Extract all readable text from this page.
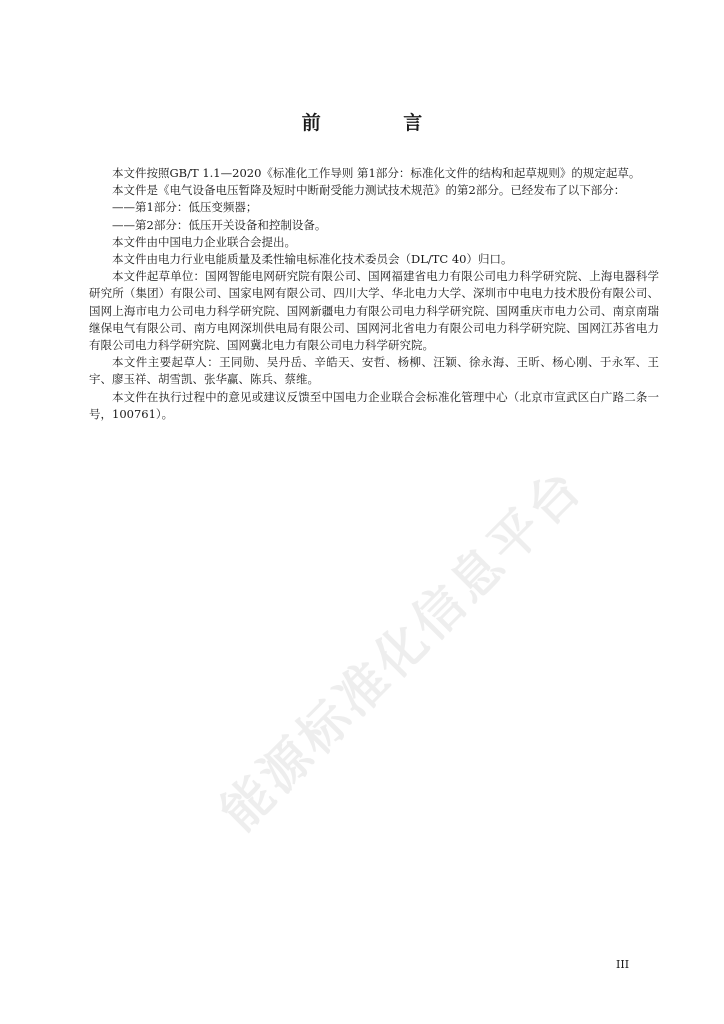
前 言

本文件按照GB/T 1.1—2020《标准化工作导则 第1部分：标准化文件的结构和起草规则》的规定起草。

本文件是《电气设备电压暂降及短时中断耐受能力测试技术规范》的第2部分。已经发布了以下部分：

——第1部分：低压变频器；

——第2部分：低压开关设备和控制设备。

本文件由中国电力企业联合会提出。

本文件由电力行业电能质量及柔性输电标准化技术委员会（DL/TC 40）归口。

本文件起草单位：国网智能电网研究院有限公司、国网福建省电力有限公司电力科学研究院、上海电器科学研究所（集团）有限公司、国家电网有限公司、四川大学、华北电力大学、深圳市中电电力技术股份有限公司、国网上海市电力公司电力科学研究院、国网新疆电力有限公司电力科学研究院、国网重庆市电力公司、南京南瑞继保电气有限公司、南方电网深圳供电局有限公司、国网河北省电力有限公司电力科学研究院、国网江苏省电力有限公司电力科学研究院、国网冀北电力有限公司电力科学研究院。

本文件主要起草人：王同勋、吴丹岳、辛皓天、安哲、杨柳、汪颖、徐永海、王昕、杨心刚、于永军、王宇、廖玉祥、胡雪凯、张华赢、陈兵、蔡维。

本文件在执行过程中的意见或建议反馈至中国电力企业联合会标准化管理中心（北京市宣武区白广路二条一号，100761）。

能源标准化信息平台
III
